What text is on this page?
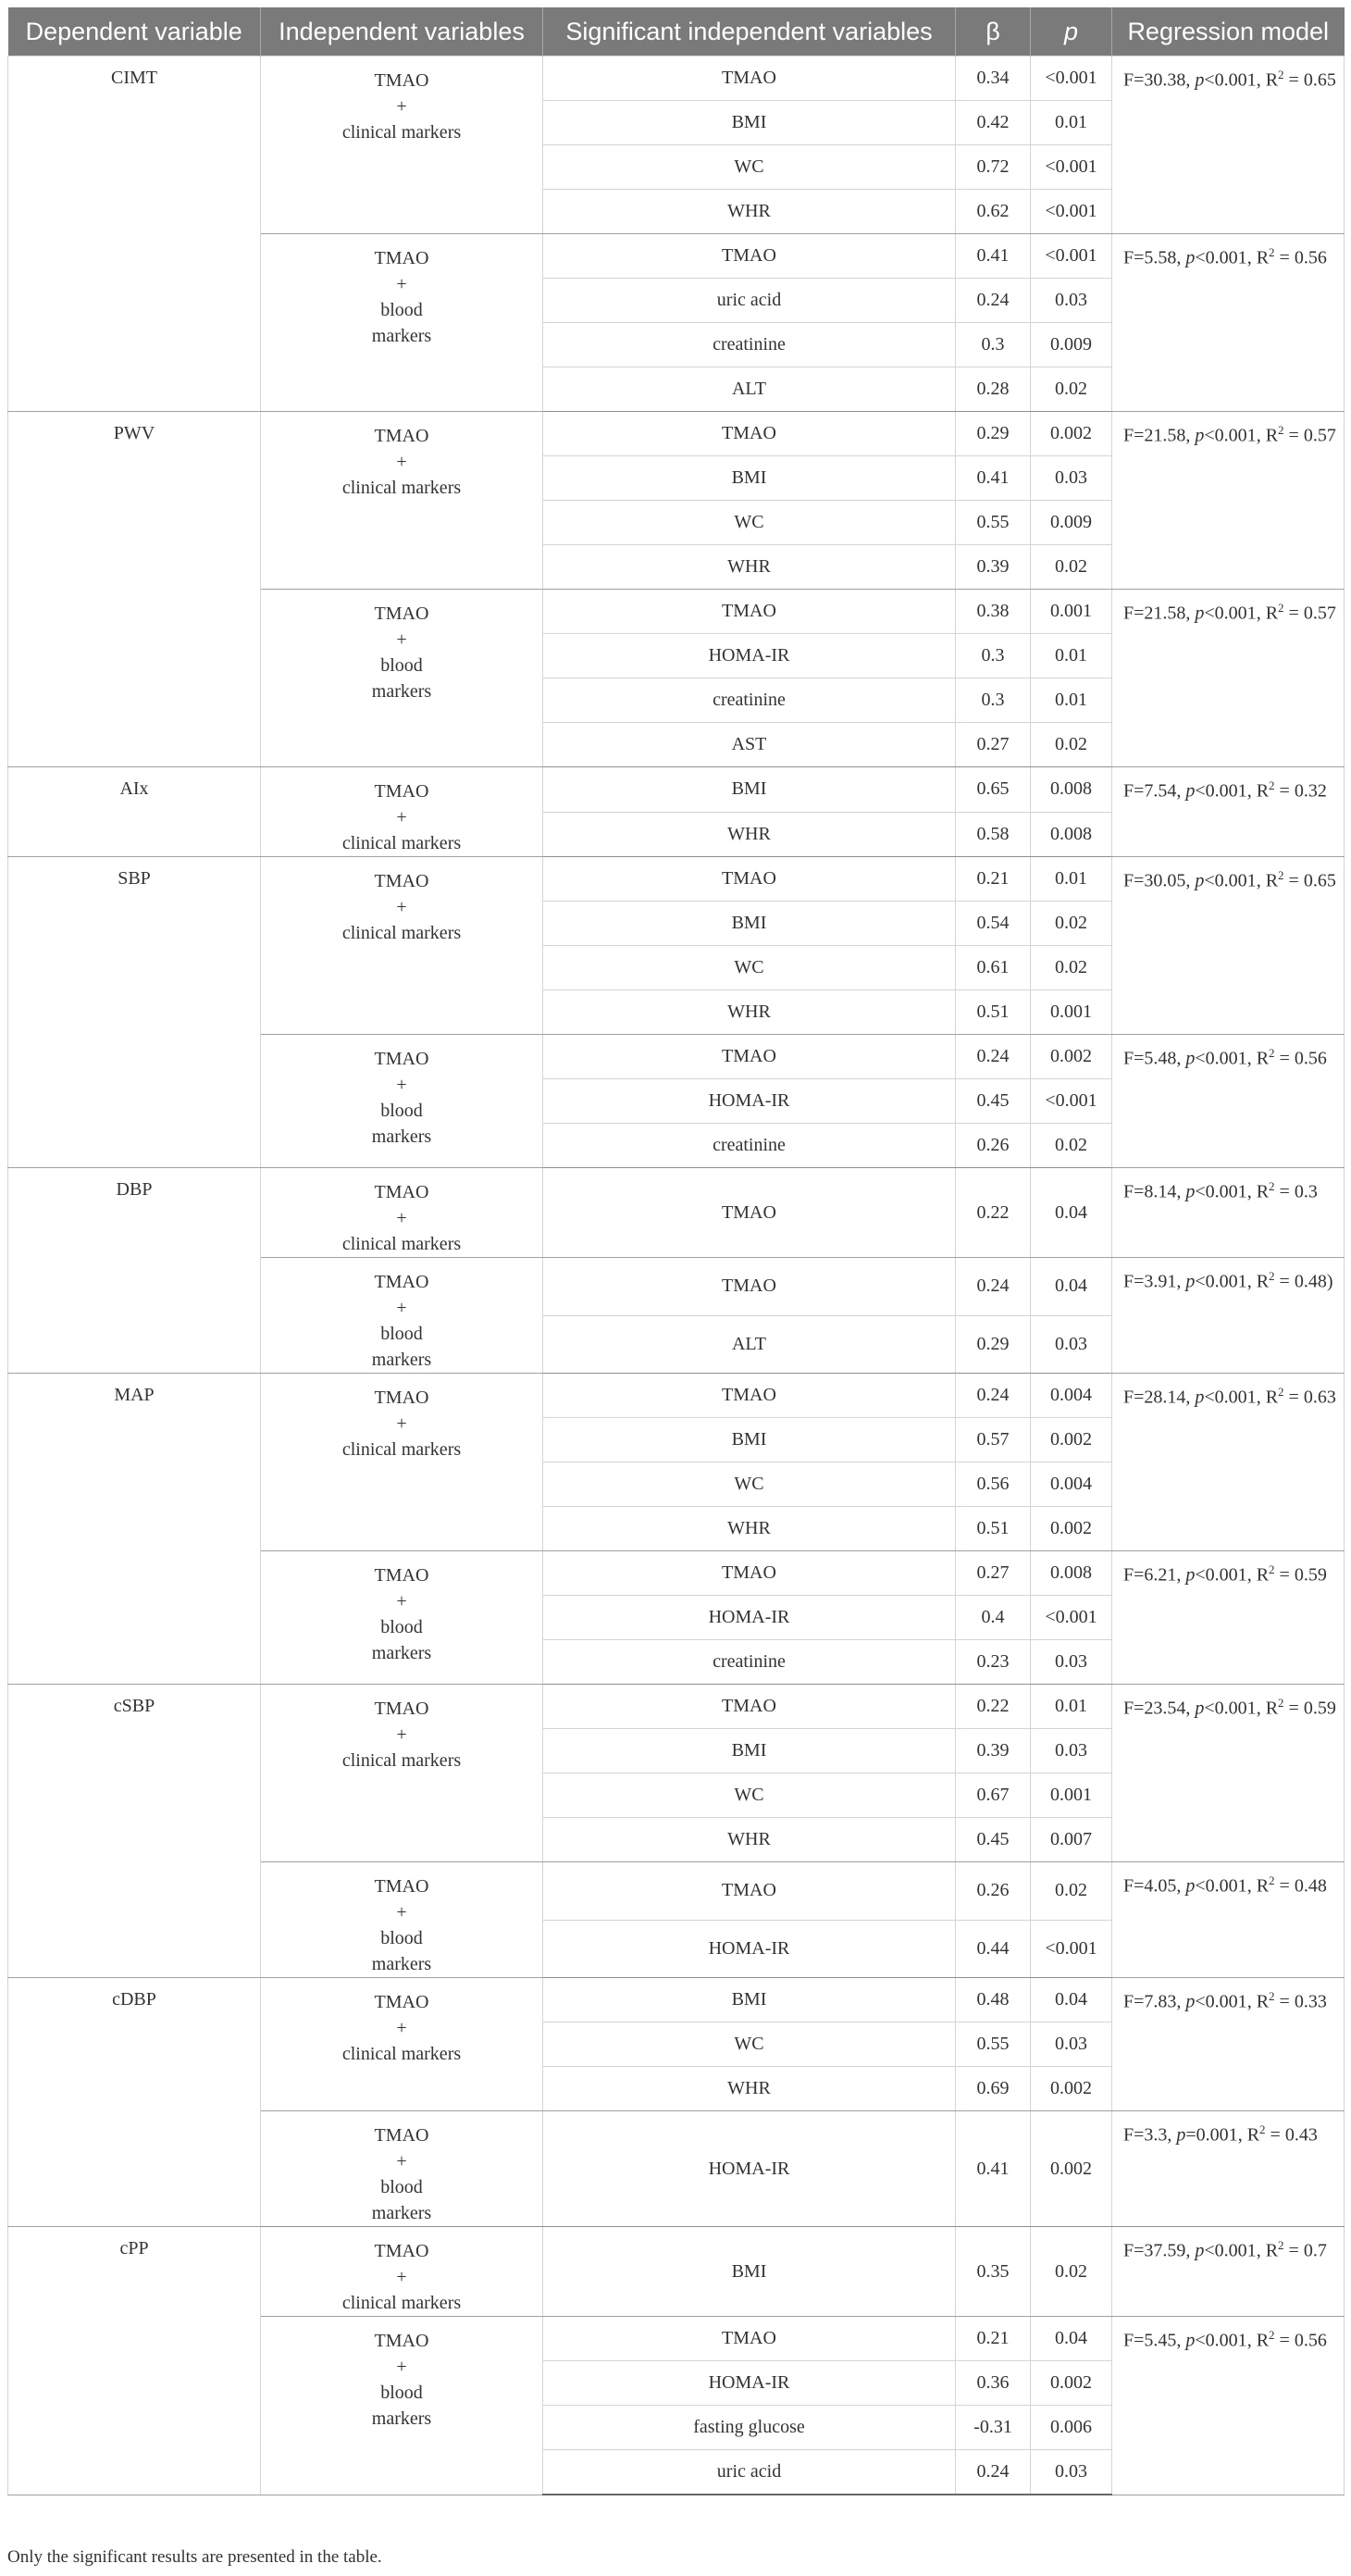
Dependent variable	Independent variables	Significant independent variables	β	p	Regression model
CIMT	TMAO
+
clinical markers	TMAO	0.34	<0.001	F=30.38, p<0.001, $R^2 = 0.65$
		BMI	0.42	0.01	
		WC	0.72	<0.001	
		WHR	0.62	<0.001	

	TMAO
+
blood
markers	TMAO	0.41	<0.001	F=5.58, p<0.001, $R^2 = 0.56$
		uric acid	0.24	0.03	
		creatinine	0.3	0.009	
		ALT	0.28	0.02	
PWV	TMAO
+
clinical markers	TMAO	0.29	0.002	F=21.58, p<0.001, $R^2 = 0.57$
		BMI	0.41	0.03	
		WC	0.55	0.009	
		WHR	0.39	0.02	

	TMAO
+
blood
markers	TMAO	0.38	0.001	F=21.58, p<0.001, $R^2 = 0.57$
		HOMA-IR	0.3	0.01	
		creatinine	0.3	0.01	
		AST	0.27	0.02	
AIx	TMAO
+
clinical markers	BMI	0.65	0.008	F=7.54, p<0.001, $R^2 = 0.32$
		WHR	0.58	0.008	
SBP	TMAO
+
clinical markers	TMAO	0.21	0.01	F=30.05, p<0.001, $R^2 = 0.65$
		BMI	0.54	0.02	
		WC	0.61	0.02	
		WHR	0.51	0.001	

	TMAO
+
blood
markers	TMAO	0.24	0.002	F=5.48, p<0.001, $R^2 = 0.56$
		HOMA-IR	0.45	<0.001	
		creatinine	0.26	0.02	
DBP	TMAO
+
clinical markers	TMAO	0.22	0.04	F=8.14, p<0.001, $R^2 = 0.3$

	TMAO
+
blood
markers	TMAO	0.24	0.04	F=3.91, p<0.001, $R^2 = 0.48$)
		ALT	0.29	0.03	
MAP	TMAO
+
clinical markers	TMAO	0.24	0.004	F=28.14, p<0.001, $R^2 = 0.63$
		BMI	0.57	0.002	
		WC	0.56	0.004	
		WHR	0.51	0.002	

	TMAO
+
blood
markers	TMAO	0.27	0.008	F=6.21, p<0.001, $R^2 = 0.59$
		HOMA-IR	0.4	<0.001	
		creatinine	0.23	0.03	
cSBP	TMAO
+
clinical markers	TMAO	0.22	0.01	F=23.54, p<0.001, $R^2 = 0.59$
		BMI	0.39	0.03	
		WC	0.67	0.001	
		WHR	0.45	0.007	

	TMAO
+
blood
markers	TMAO	0.26	0.02	F=4.05, p<0.001, $R^2 = 0.48$
		HOMA-IR	0.44	<0.001	
cDBP	TMAO
+
clinical markers	BMI	0.48	0.04	F=7.83, p<0.001, $R^2 = 0.33$
		WC	0.55	0.03	
		WHR	0.69	0.002	

	TMAO
+
blood
markers	HOMA-IR	0.41	0.002	F=3.3, p=0.001, $R^2 = 0.43$
cPP	TMAO
+
clinical markers	BMI	0.35	0.02	F=37.59, p<0.001, $R^2 = 0.7$

	TMAO
+
blood
markers	TMAO	0.21	0.04	F=5.45, p<0.001, $R^2 = 0.56$
		HOMA-IR	0.36	0.002	
		fasting glucose	-0.31	0.006	
		uric acid	0.24	0.03	
Only the significant results are presented in the table.
